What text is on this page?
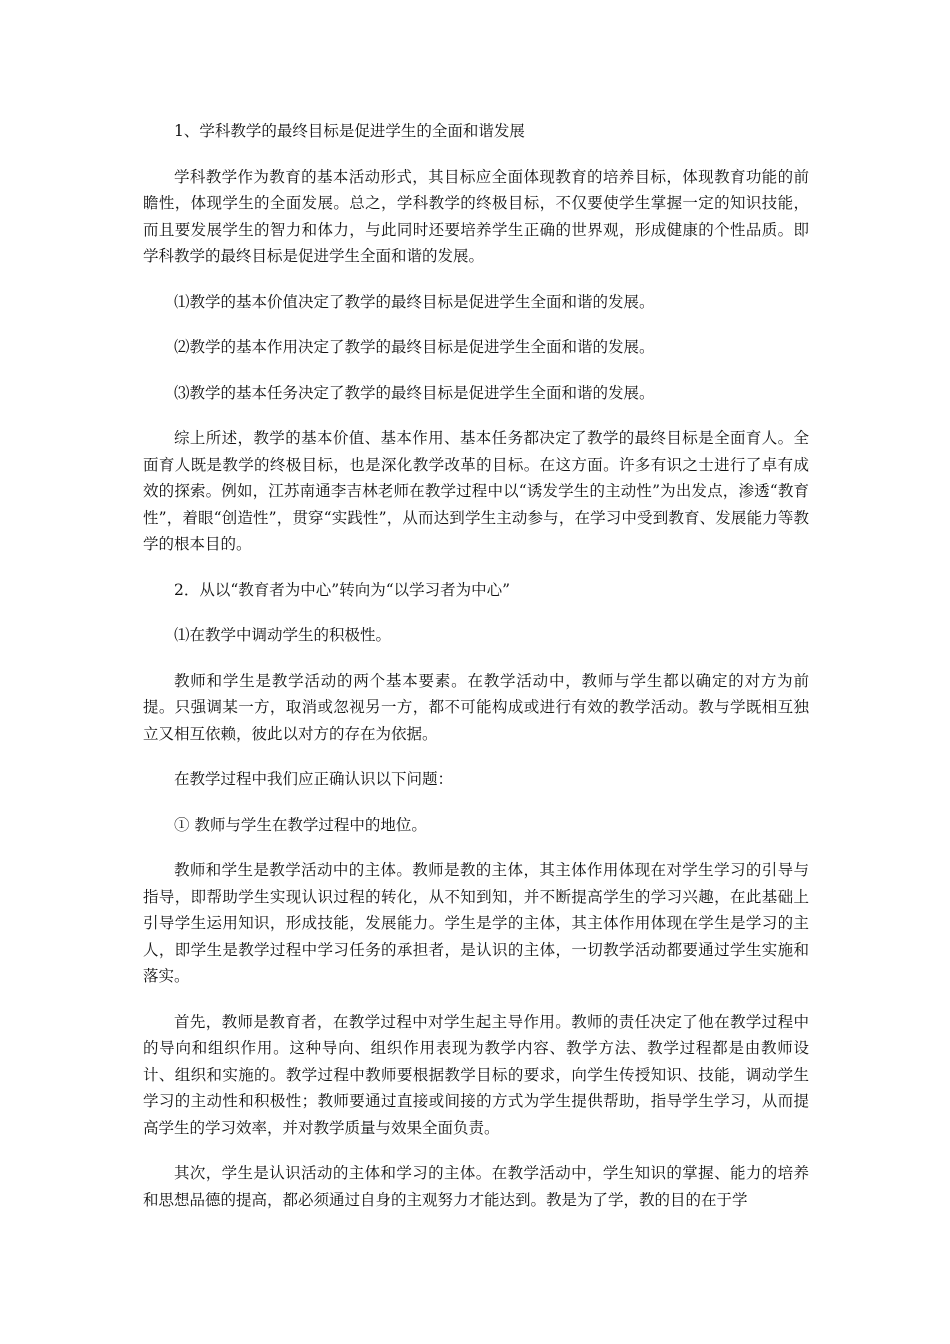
1、学科教学的最终目标是促进学生的全面和谐发展

学科教学作为教育的基本活动形式，其目标应全面体现教育的培养目标，体现教育功能的前瞻性，体现学生的全面发展。总之，学科教学的终极目标，不仅要使学生掌握一定的知识技能，而且要发展学生的智力和体力，与此同时还要培养学生正确的世界观，形成健康的个性品质。即学科教学的最终目标是促进学生全面和谐的发展。

⑴教学的基本价值决定了教学的最终目标是促进学生全面和谐的发展。

⑵教学的基本作用决定了教学的最终目标是促进学生全面和谐的发展。

⑶教学的基本任务决定了教学的最终目标是促进学生全面和谐的发展。

综上所述，教学的基本价值、基本作用、基本任务都决定了教学的最终目标是全面育人。全面育人既是教学的终极目标，也是深化教学改革的目标。在这方面。许多有识之士进行了卓有成效的探索。例如，江苏南通李吉林老师在教学过程中以“诱发学生的主动性”为出发点，渗透“教育性”，着眼“创造性”，贯穿“实践性”，从而达到学生主动参与，在学习中受到教育、发展能力等教学的根本目的。

2．从以“教育者为中心”转向为“以学习者为中心”

⑴在教学中调动学生的积极性。

教师和学生是教学活动的两个基本要素。在教学活动中，教师与学生都以确定的对方为前提。只强调某一方，取消或忽视另一方，都不可能构成或进行有效的教学活动。教与学既相互独立又相互依赖，彼此以对方的存在为依据。

在教学过程中我们应正确认识以下问题：

① 教师与学生在教学过程中的地位。

教师和学生是教学活动中的主体。教师是教的主体，其主体作用体现在对学生学习的引导与指导，即帮助学生实现认识过程的转化，从不知到知，并不断提高学生的学习兴趣，在此基础上引导学生运用知识，形成技能，发展能力。学生是学的主体，其主体作用体现在学生是学习的主人，即学生是教学过程中学习任务的承担者，是认识的主体，一切教学活动都要通过学生实施和落实。

首先，教师是教育者，在教学过程中对学生起主导作用。教师的责任决定了他在教学过程中的导向和组织作用。这种导向、组织作用表现为教学内容、教学方法、教学过程都是由教师设计、组织和实施的。教学过程中教师要根据教学目标的要求，向学生传授知识、技能，调动学生学习的主动性和积极性；教师要通过直接或间接的方式为学生提供帮助，指导学生学习，从而提高学生的学习效率，并对教学质量与效果全面负责。

其次，学生是认识活动的主体和学习的主体。在教学活动中，学生知识的掌握、能力的培养和思想品德的提高，都必须通过自身的主观努力才能达到。教是为了学，教的目的在于学
